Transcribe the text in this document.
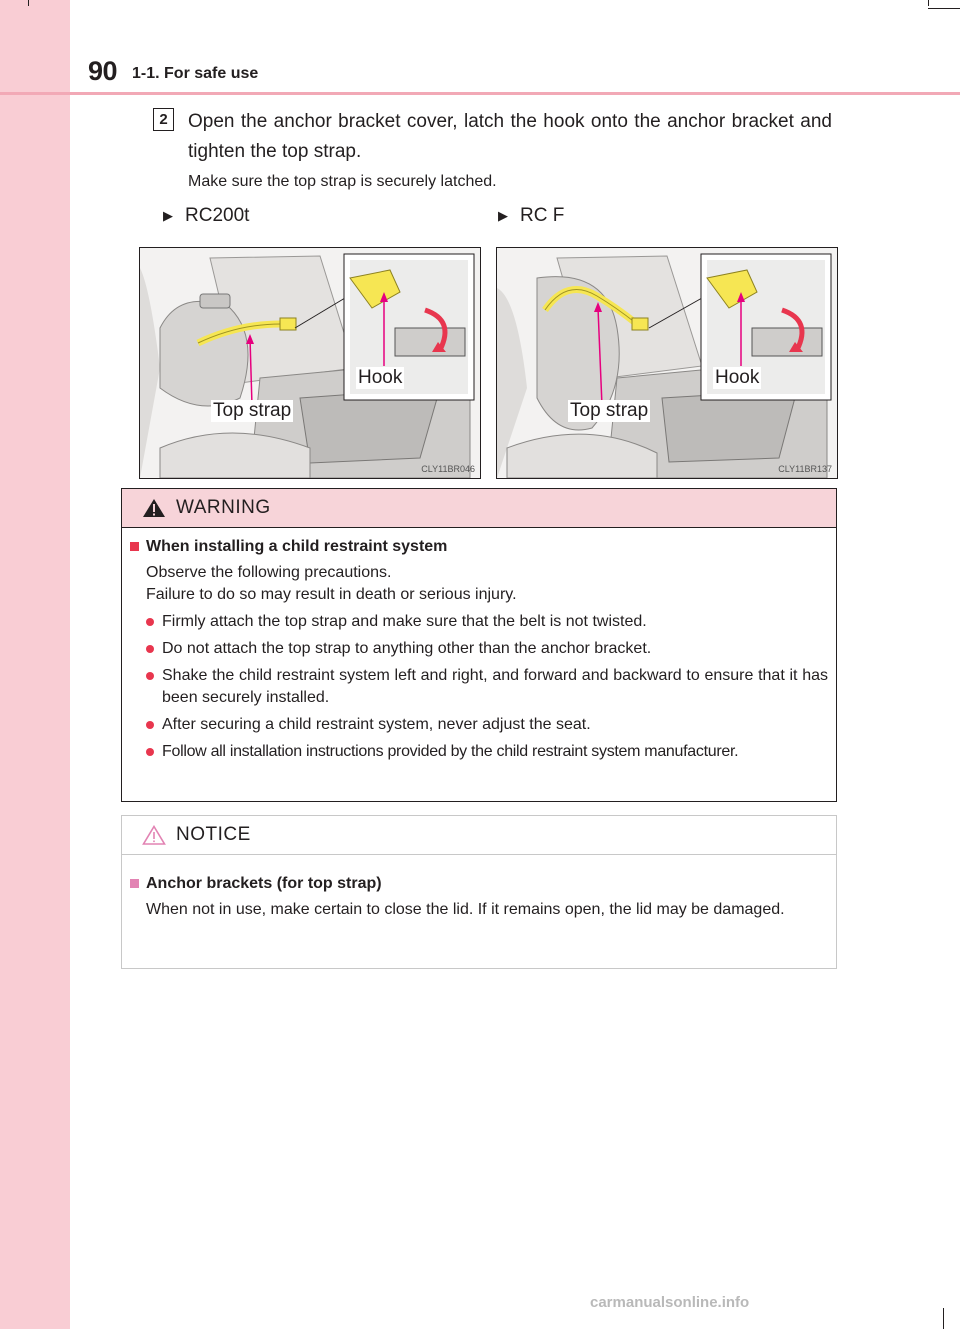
90 1-1. For safe use
2	Open the anchor bracket cover, latch the hook onto the anchor bracket and tighten the top strap.
Make sure the top strap is securely latched.
▶ RC200t	▶ RC F
Hook
Top strap
CLY11BR046
Hook
Top strap
CLY11BR137
WARNING
When installing a child restraint system
Observe the following precautions.
Failure to do so may result in death or serious injury.
Firmly attach the top strap and make sure that the belt is not twisted.
Do not attach the top strap to anything other than the anchor bracket.
Shake the child restraint system left and right, and forward and backward to ensure that it has been securely installed.
After securing a child restraint system, never adjust the seat.
Follow all installation instructions provided by the child restraint system manufacturer.
NOTICE
Anchor brackets (for top strap)
When not in use, make certain to close the lid. If it remains open, the lid may be damaged.
carmanualsonline.info
